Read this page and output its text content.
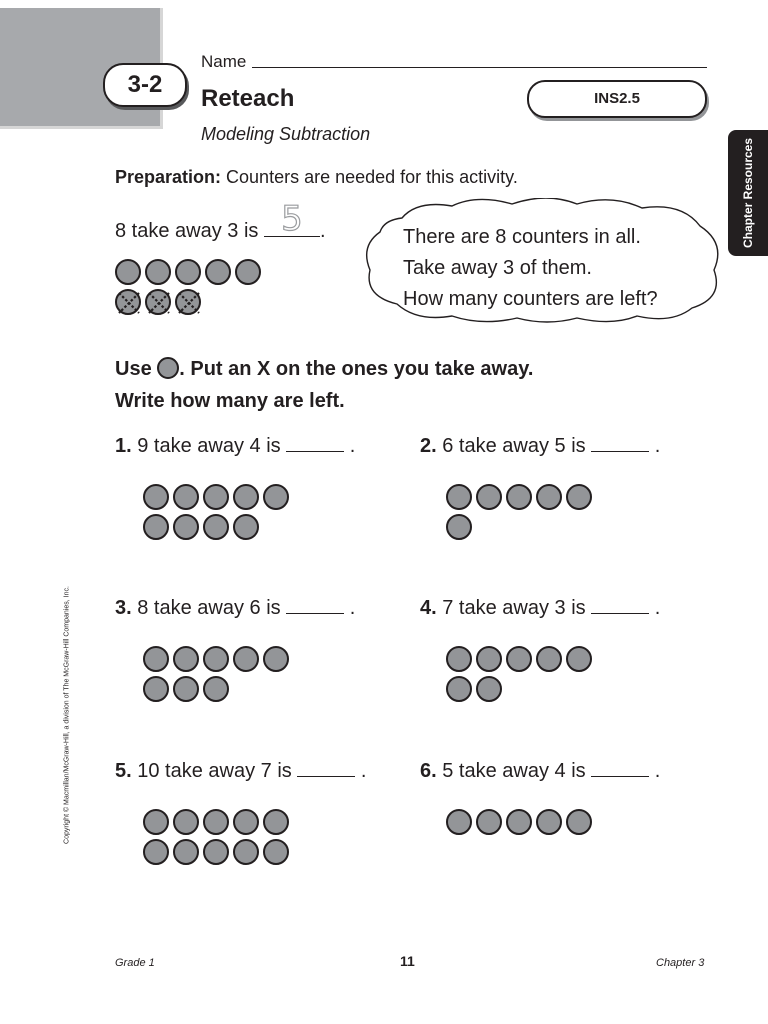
3-2
Name
Reteach
Modeling Subtraction
INS2.5
Chapter Resources
Preparation: Counters are needed for this activity.
8 take away 3 is 5 .	There are 8 counters in all.
Take away 3 of them.
How many counters are left?
Use . Put an X on the ones you take away.
Write how many are left.
1. 9 take away 4 is	.	2. 6 take away 5 is	.
3. 8 take away 6 is	.	4. 7 take away 3 is	.
5. 10 take away 7 is	.	6. 5 take away 4 is	.
Copyright © Macmillan/McGraw-Hill, a division of The McGraw-Hill Companies, Inc.
Grade 1	11	Chapter 3
